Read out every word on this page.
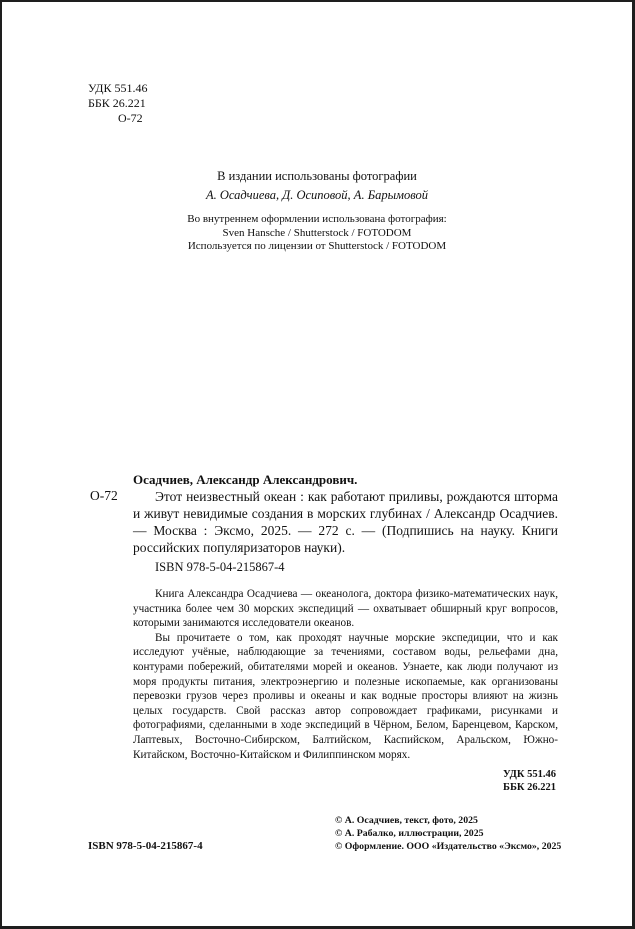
УДК 551.46
ББК 26.221
О-72
В издании использованы фотографии
А. Осадчиева, Д. Осиповой, А. Барымовой
Во внутреннем оформлении использована фотография:
Sven Hansche / Shutterstock / FOTODOM
Используется по лицензии от Shutterstock / FOTODOM
Осадчиев, Александр Александрович.
О-72	Этот неизвестный океан : как работают приливы, рождаются шторма и живут невидимые создания в морских глубинах / Александр Осадчиев. — Москва : Эксмо, 2025. — 272 с. — (Подпишись на науку. Книги российских популяризаторов науки).
ISBN 978-5-04-215867-4

Книга Александра Осадчиева — океанолога, доктора физико-математических наук, участника более чем 30 морских экспедиций — охватывает обширный круг вопросов, которыми занимаются исследователи океанов.

Вы прочитаете о том, как проходят научные морские экспедиции, что и как исследуют учёные, наблюдающие за течениями, составом воды, рельефами дна, контурами побережий, обитателями морей и океанов. Узнаете, как люди получают из моря продукты питания, электроэнергию и полезные ископаемые, как организованы перевозки грузов через проливы и океаны и как водные просторы влияют на жизнь целых государств. Свой рассказ автор сопровождает графиками, рисунками и фотографиями, сделанными в ходе экспедиций в Чёрном, Белом, Баренцевом, Карском, Лаптевых, Восточно-Сибирском, Балтийском, Каспийском, Аральском, Южно-Китайском, Восточно-Китайском и Филиппинском морях.

УДК 551.46
ББК 26.221
ISBN 978-5-04-215867-4
© А. Осадчиев, текст, фото, 2025
© А. Рабалко, иллюстрации, 2025
© Оформление. ООО «Издательство «Эксмо», 2025
